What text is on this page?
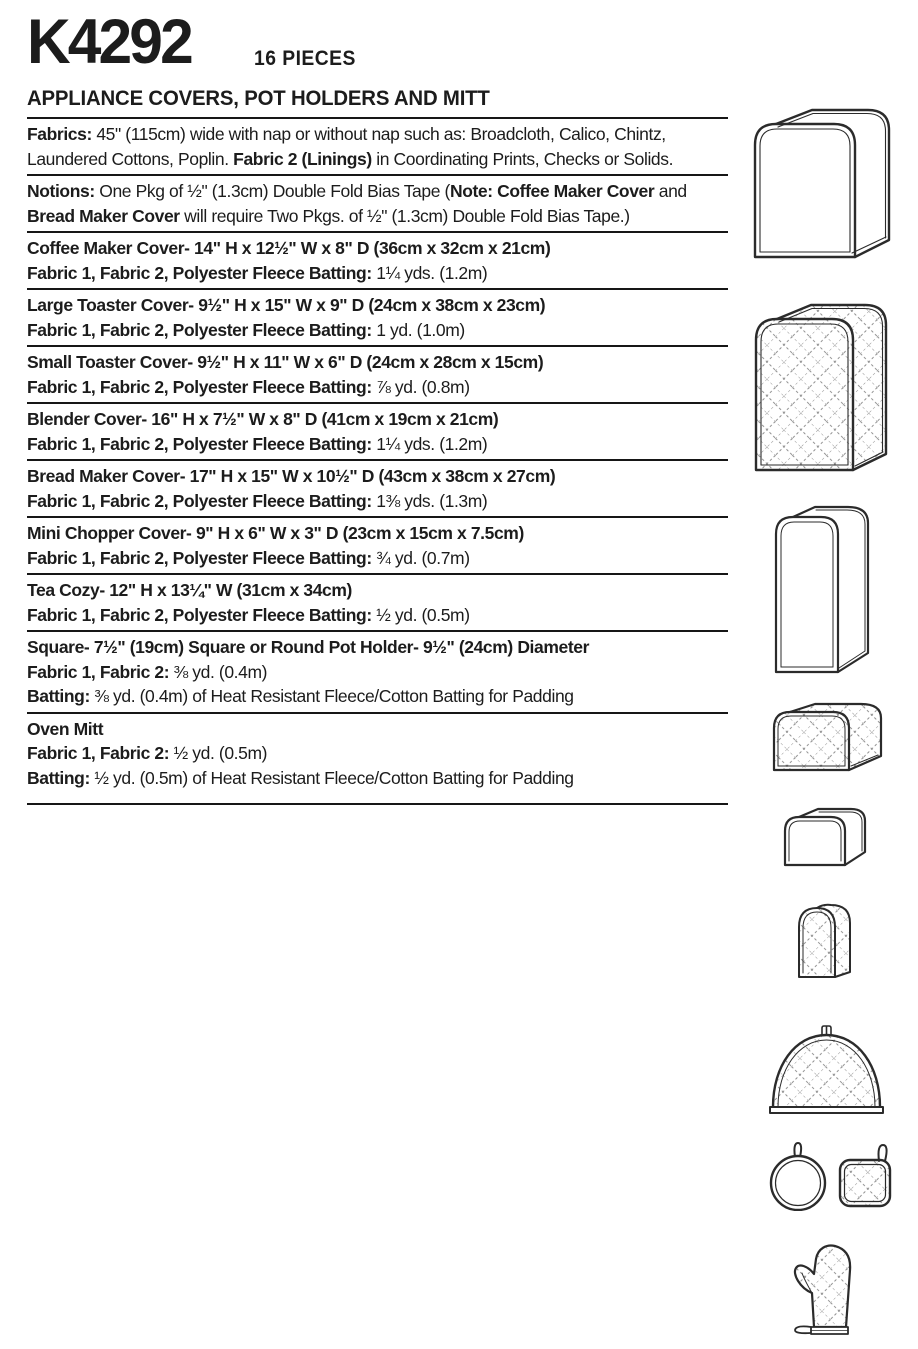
K4292	16 PIECES
APPLIANCE COVERS, POT HOLDERS AND MITT
Fabrics: 45" (115cm) wide with nap or without nap such as: Broadcloth, Calico, Chintz,
Laundered Cottons, Poplin. Fabric 2 (Linings) in Coordinating Prints, Checks or Solids.
Notions: One Pkg of ½" (1.3cm) Double Fold Bias Tape (Note: Coffee Maker Cover and
Bread Maker Cover will require Two Pkgs. of ½" (1.3cm) Double Fold Bias Tape.)
Coffee Maker Cover- 14" H x 12½" W x 8" D (36cm x 32cm x 21cm)
Fabric 1, Fabric 2, Polyester Fleece Batting: 1¼ yds. (1.2m)
Large Toaster Cover- 9½" H x 15" W x 9" D (24cm x 38cm x 23cm)
Fabric 1, Fabric 2, Polyester Fleece Batting: 1 yd. (1.0m)
Small Toaster Cover- 9½" H x 11" W x 6" D (24cm x 28cm x 15cm)
Fabric 1, Fabric 2, Polyester Fleece Batting: ⅞ yd. (0.8m)
Blender Cover- 16" H x 7½" W x 8" D (41cm x 19cm x 21cm)
Fabric 1, Fabric 2, Polyester Fleece Batting: 1¼ yds. (1.2m)
Bread Maker Cover- 17" H x 15" W x 10½" D (43cm x 38cm x 27cm)
Fabric 1, Fabric 2, Polyester Fleece Batting: 1⅜ yds. (1.3m)
Mini Chopper Cover- 9" H x 6" W x 3" D (23cm x 15cm x 7.5cm)
Fabric 1, Fabric 2, Polyester Fleece Batting: ¾ yd. (0.7m)
Tea Cozy- 12" H x 13¼" W (31cm x 34cm)
Fabric 1, Fabric 2, Polyester Fleece Batting: ½ yd. (0.5m)
Square- 7½" (19cm) Square or Round Pot Holder- 9½" (24cm) Diameter
Fabric 1, Fabric 2: ⅜ yd. (0.4m)
Batting: ⅜ yd. (0.4m) of Heat Resistant Fleece/Cotton Batting for Padding
Oven Mitt
Fabric 1, Fabric 2: ½ yd. (0.5m)
Batting: ½ yd. (0.5m) of Heat Resistant Fleece/Cotton Batting for Padding
